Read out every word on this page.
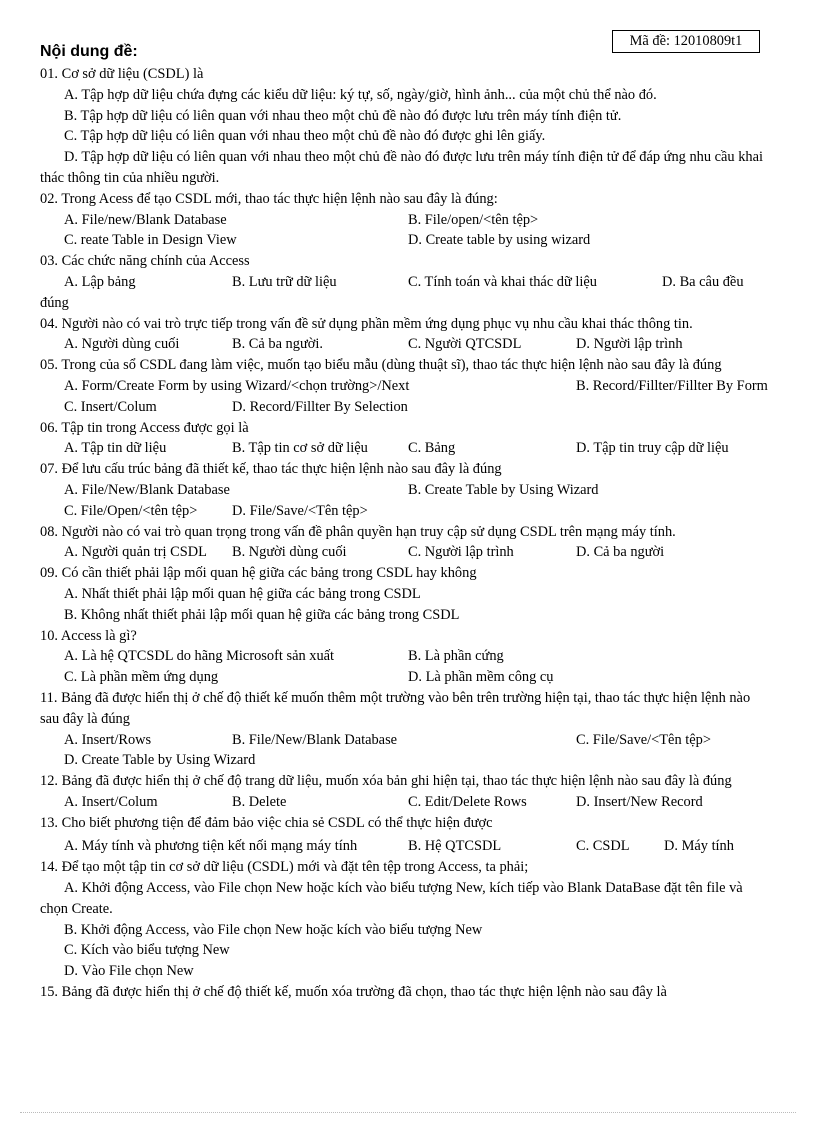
Mã đề: 12010809t1
Nội dung đề:
01. Cơ sở dữ liệu (CSDL) là
A. Tập hợp dữ liệu chứa đựng các kiểu dữ liệu: ký tự, số, ngày/giờ, hình ảnh... của một chủ thể nào đó.
B. Tập hợp dữ liệu có liên quan với nhau theo một chủ đề nào đó được lưu trên máy tính điện tử.
C. Tập hợp dữ liệu có liên quan với nhau theo một chủ đề nào đó được ghi lên giấy.
D. Tập hợp dữ liệu có liên quan với nhau theo một chủ đề nào đó được lưu trên máy tính điện tử để đáp ứng nhu cầu khai thác thông tin của nhiều người.
02. Trong Acess để tạo CSDL mới, thao tác thực hiện lệnh nào sau đây là đúng:
A. File/new/Blank Database	B. File/open/<tên tệp>
C. reate Table in Design View	D. Create table by using wizard
03. Các chức năng chính của Access
A. Lập bảng	B. Lưu trữ dữ liệu	C. Tính toán và khai thác dữ liệu	D. Ba câu đều đúng
04. Người nào có vai trò trực tiếp trong vấn đề sử dụng phần mềm ứng dụng phục vụ nhu cầu khai thác thông tin.
A. Người dùng cuối	B. Cả ba người.	C. Người QTCSDL	D. Người lập trình
05. Trong của sổ CSDL đang làm việc, muốn tạo biểu mẫu (dùng thuật sĩ), thao tác thực hiện lệnh nào sau đây là đúng
A. Form/Create Form by using Wizard/<chọn trường>/Next	B. Record/Fillter/Fillter By Form
C. Insert/Colum	D. Record/Fillter By Selection
06. Tập tin trong Access được gọi là
A. Tập tin dữ liệu	B. Tập tin cơ sở dữ liệu	C. Bảng	D. Tập tin truy cập dữ liệu
07. Để lưu cấu trúc bảng đã thiết kế, thao tác thực hiện lệnh nào sau đây là đúng
A. File/New/Blank Database	B. Create Table by Using Wizard
C. File/Open/<tên tệp>	D. File/Save/<Tên tệp>
08. Người nào có vai trò quan trọng trong vấn đề phân quyền hạn truy cập sử dụng CSDL trên mạng máy tính.
A. Người quản trị CSDL	B. Người dùng cuối	C. Người lập trình	D. Cả ba người
09. Có cần thiết phải lập mối quan hệ giữa các bảng trong CSDL hay không
A. Nhất thiết phải lập mối quan hệ giữa các bảng trong CSDL
B. Không nhất thiết phải lập mối quan hệ giữa các bảng trong CSDL
10. Access là gì?
A. Là hệ QTCSDL do hãng Microsoft sản xuất	B. Là phần cứng
C. Là phần mềm ứng dụng	D. Là phần mềm công cụ
11. Bảng đã được hiển thị ở chế độ thiết kế muốn thêm một trường vào bên trên trường hiện tại, thao tác thực hiện lệnh nào sau đây là đúng
A. Insert/Rows	B. File/New/Blank Database	C. File/Save/<Tên tệp>
D. Create Table by Using Wizard
12. Bảng đã được hiển thị ở chế độ trang dữ liệu, muốn xóa bản ghi hiện tại, thao tác thực hiện lệnh nào sau đây là đúng
A. Insert/Colum	B. Delete	C. Edit/Delete Rows	D. Insert/New Record
13. Cho biết phương tiện để đảm bảo việc chia sẻ CSDL có thể thực hiện được
A. Máy tính và phương tiện kết nối mạng máy tính	B. Hệ QTCSDL	C. CSDL	D. Máy tính
14. Để tạo một tập tin cơ sở dữ liệu (CSDL) mới và đặt tên tệp trong Access, ta phải;
A. Khởi động Access, vào File chọn New hoặc kích vào biểu tượng New, kích tiếp vào Blank DataBase đặt tên file và chọn Create.
B. Khởi động Access, vào File chọn New hoặc kích vào biểu tượng New
C. Kích vào biểu tượng New
D. Vào File chọn New
15. Bảng đã được hiển thị ở chế độ thiết kế, muốn xóa trường đã chọn, thao tác thực hiện lệnh nào sau đây là
